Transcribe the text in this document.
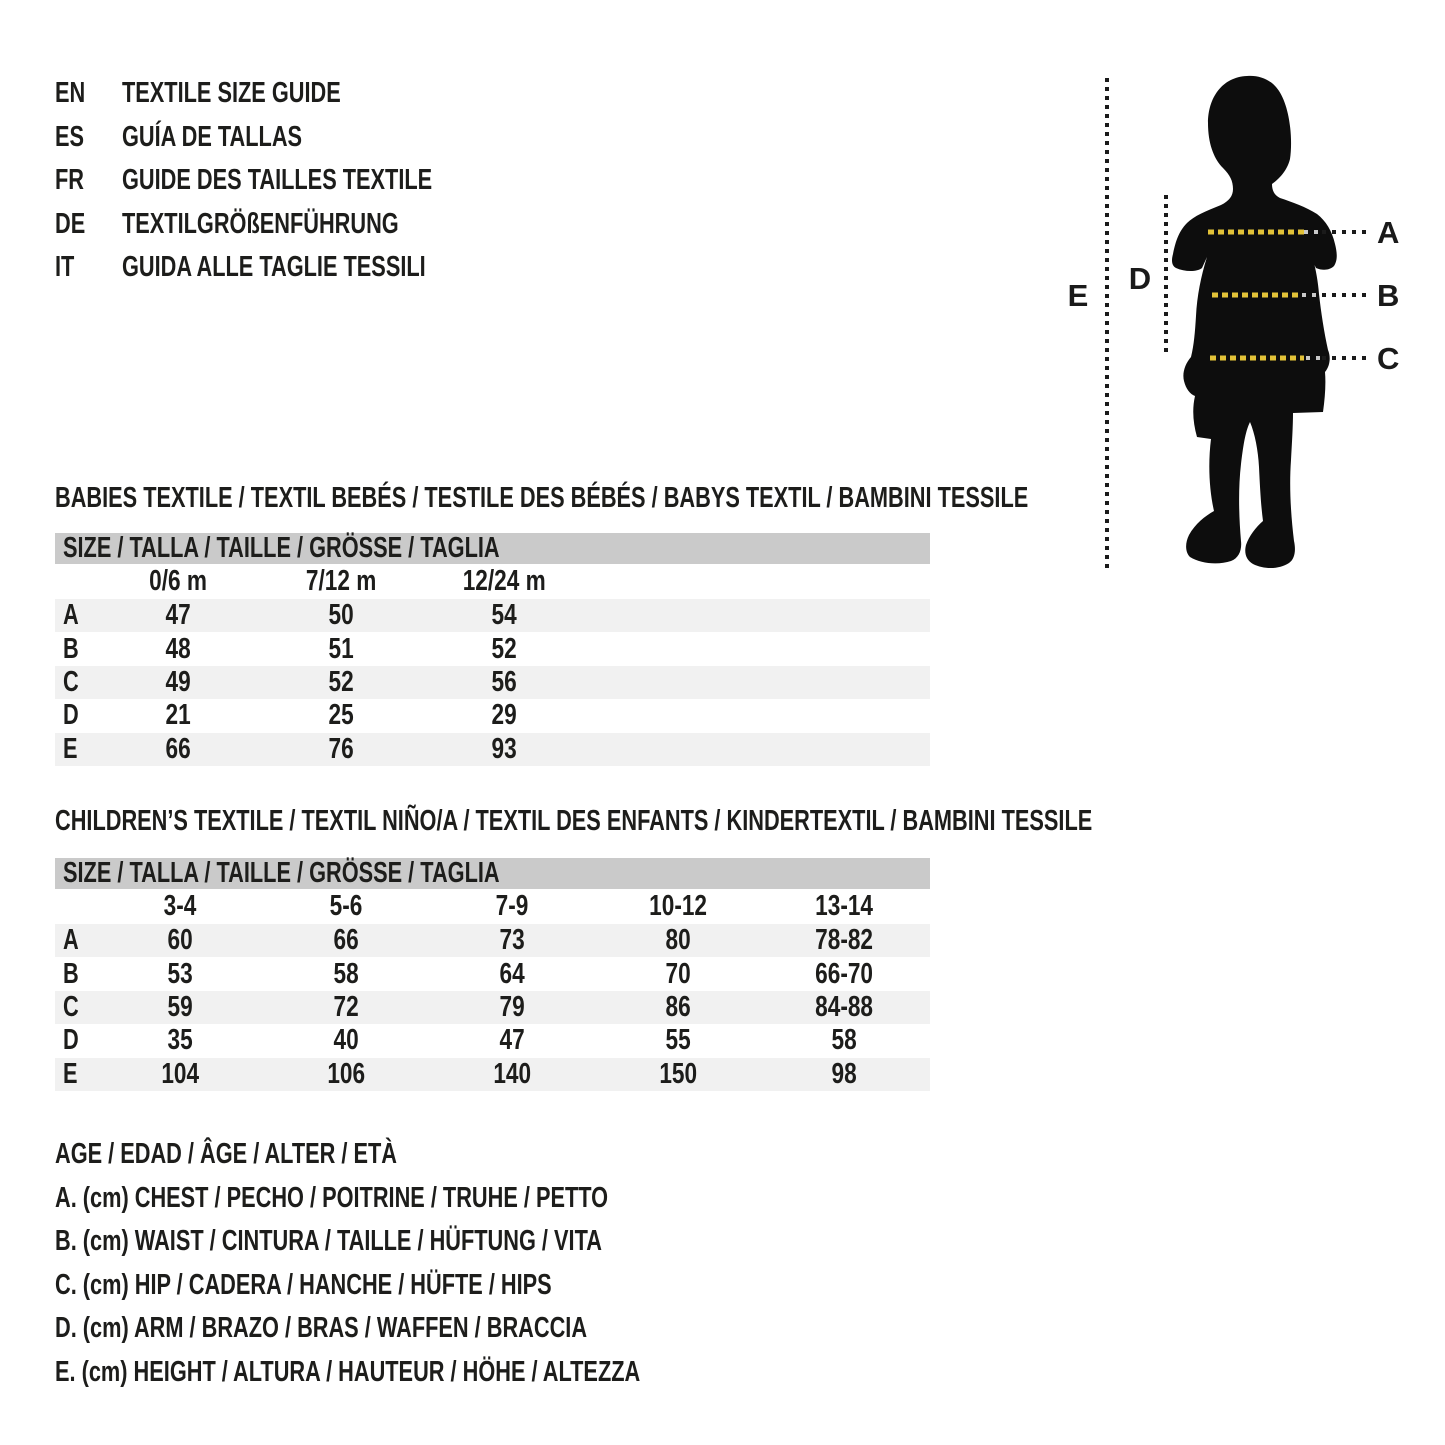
EN	TEXTILE SIZE GUIDE
ES	GUÍA DE TALLAS
FR	GUIDE DES TAILLES TEXTILE
DE	TEXTILGRÖßENFÜHRUNG
IT	GUIDA ALLE TAGLIE TESSILI
A
B
C
D
E
BABIES TEXTILE / TEXTIL BEBÉS / TESTILE DES BÉBÉS / BABYS TEXTIL / BAMBINI TESSILE
SIZE / TALLA / TAILLE / GRÖSSE / TAGLIA
0/6 m	7/12 m	12/24 m
A	47	50	54
B	48	51	52
C	49	52	56
D	21	25	29
E	66	76	93
CHILDREN’S TEXTILE / TEXTIL NIÑO/A / TEXTIL DES ENFANTS / KINDERTEXTIL / BAMBINI TESSILE
SIZE / TALLA / TAILLE / GRÖSSE / TAGLIA
3-4	5-6	7-9	10-12	13-14
A	60	66	73	80	78-82
B	53	58	64	70	66-70
C	59	72	79	86	84-88
D	35	40	47	55	58
E	104	106	140	150	98
AGE / EDAD / ÂGE / ALTER / ETÀ
A. (cm) CHEST / PECHO / POITRINE / TRUHE / PETTO
B. (cm) WAIST / CINTURA / TAILLE / HÜFTUNG / VITA
C. (cm) HIP / CADERA / HANCHE / HÜFTE / HIPS
D. (cm) ARM / BRAZO / BRAS / WAFFEN / BRACCIA
E. (cm) HEIGHT / ALTURA / HAUTEUR / HÖHE / ALTEZZA
